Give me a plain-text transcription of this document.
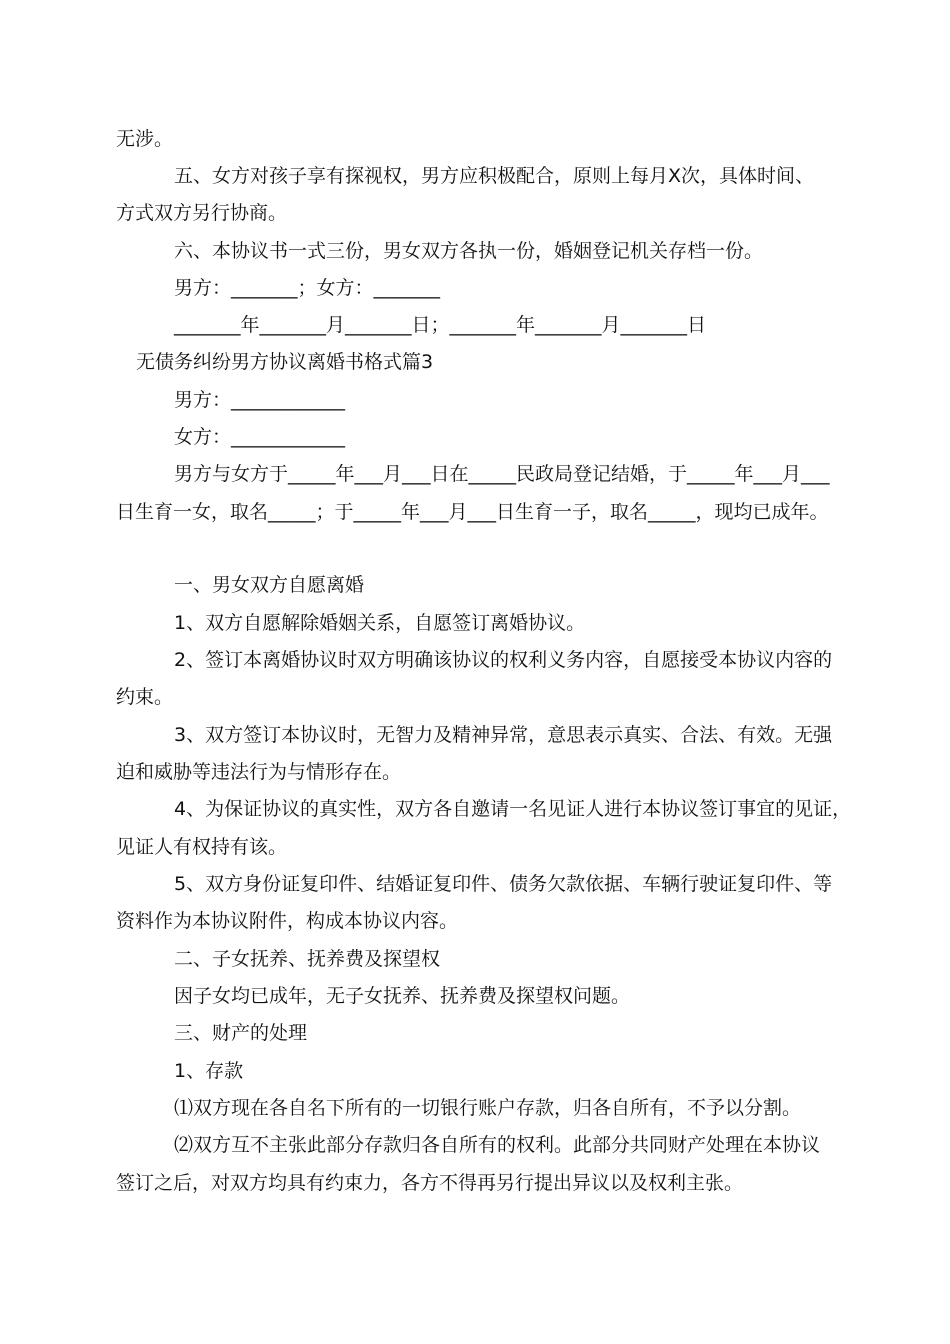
无涉。

五、女方对孩子享有探视权，男方应积极配合，原则上每月X次，具体时间、

方式双方另行协商。

六、本协议书一式三份，男女双方各执一份，婚姻登记机关存档一份。

男方：_______；女方：_______

_______年_______月_______日；_______年_______月_______日

无债务纠纷男方协议离婚书格式篇3

男方：____________

女方：____________

男方与女方于_____年___月___日在_____民政局登记结婚，于_____年___月___

日生育一女，取名_____；于_____年___月___日生育一子，取名_____，现均已成年。

一、男女双方自愿离婚

1、双方自愿解除婚姻关系，自愿签订离婚协议。

2、签订本离婚协议时双方明确该协议的权利义务内容，自愿接受本协议内容的

约束。

3、双方签订本协议时，无智力及精神异常，意思表示真实、合法、有效。无强

迫和威胁等违法行为与情形存在。

4、为保证协议的真实性，双方各自邀请一名见证人进行本协议签订事宜的见证，

见证人有权持有该。

5、双方身份证复印件、结婚证复印件、债务欠款依据、车辆行驶证复印件、等

资料作为本协议附件，构成本协议内容。

二、子女抚养、抚养费及探望权

因子女均已成年，无子女抚养、抚养费及探望权问题。

三、财产的处理

1、存款

⑴双方现在各自名下所有的一切银行账户存款，归各自所有，不予以分割。

⑵双方互不主张此部分存款归各自所有的权利。此部分共同财产处理在本协议

签订之后，对双方均具有约束力，各方不得再另行提出异议以及权利主张。
